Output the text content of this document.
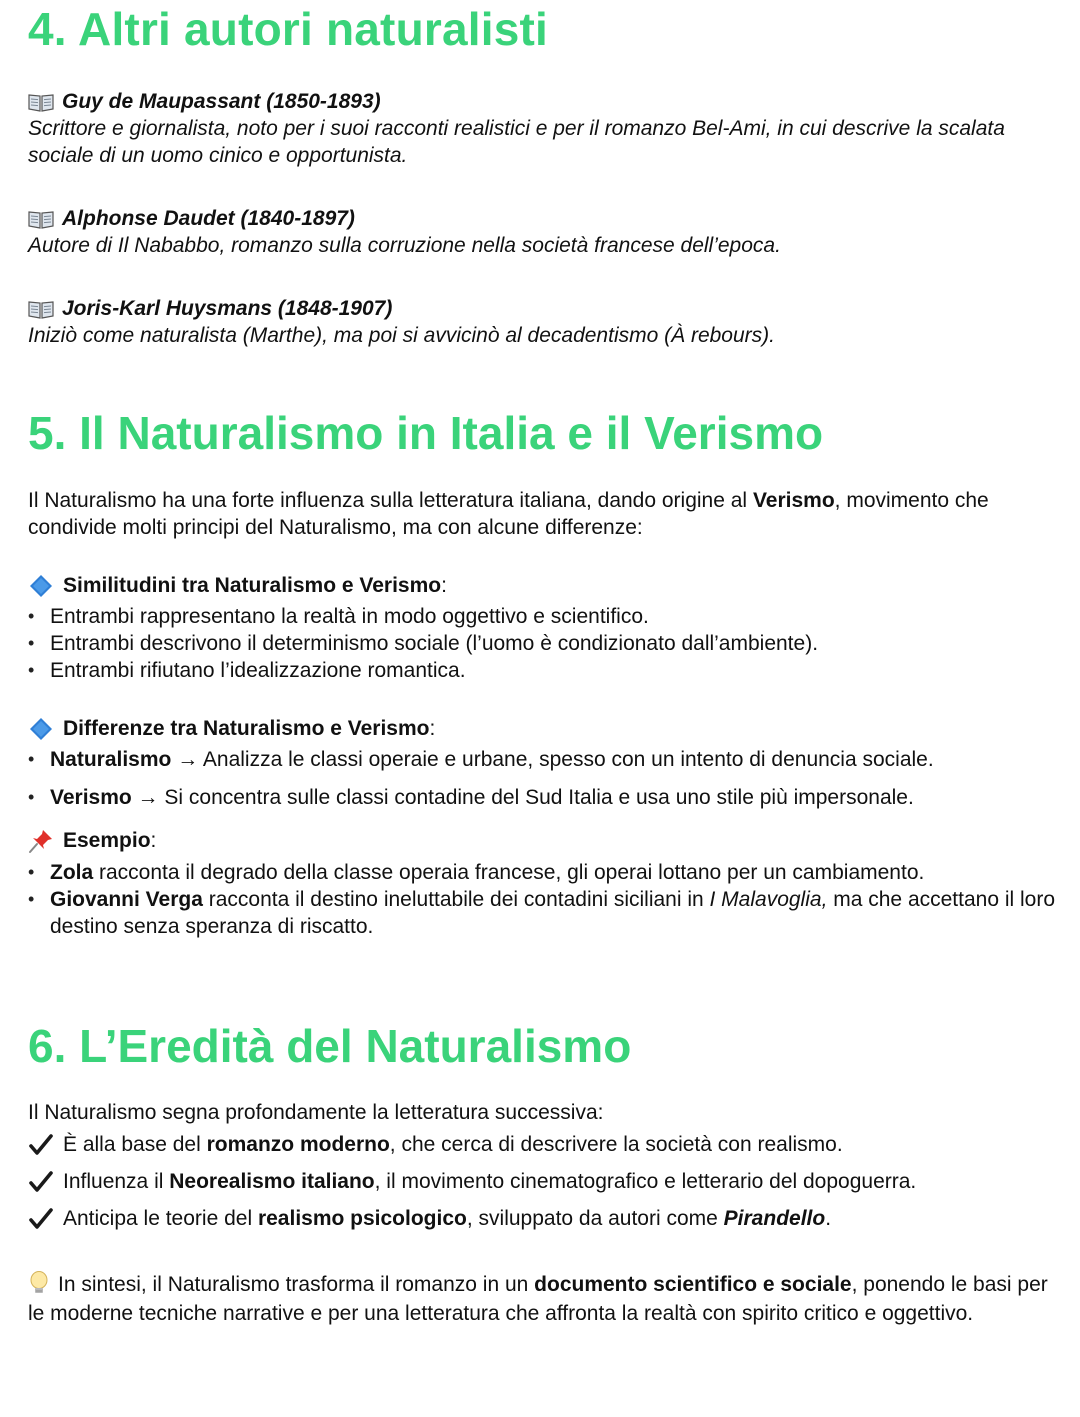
4. Altri autori naturalisti
Guy de Maupassant (1850-1893)
Scrittore e giornalista, noto per i suoi racconti realistici e per il romanzo Bel-Ami, in cui descrive la scalata sociale di un uomo cinico e opportunista.
Alphonse Daudet (1840-1897)
Autore di Il Nababbo, romanzo sulla corruzione nella società francese dell’epoca.
Joris-Karl Huysmans (1848-1907)
Iniziò come naturalista (Marthe), ma poi si avvicinò al decadentismo (À rebours).
5. Il Naturalismo in Italia e il Verismo
Il Naturalismo ha una forte influenza sulla letteratura italiana, dando origine al Verismo, movimento che condivide molti principi del Naturalismo, ma con alcune differenze:
Similitudini tra Naturalismo e Verismo :
• Entrambi rappresentano la realtà in modo oggettivo e scientifico.
• Entrambi descrivono il determinismo sociale (l’uomo è condizionato dall’ambiente).
• Entrambi rifiutano l’idealizzazione romantica.
Differenze tra Naturalismo e Verismo :
• Naturalismo → Analizza le classi operaie e urbane, spesso con un intento di denuncia sociale.
• Verismo → Si concentra sulle classi contadine del Sud Italia e usa uno stile più impersonale.
Esempio :
• Zola racconta il degrado della classe operaia francese, gli operai lottano per un cambiamento.
• Giovanni Verga racconta il destino ineluttabile dei contadini siciliani in I Malavoglia, ma che accettano il loro destino senza speranza di riscatto.
6. L’Eredità del Naturalismo
Il Naturalismo segna profondamente la letteratura successiva:
È alla base del romanzo moderno, che cerca di descrivere la società con realismo.
Influenza il Neorealismo italiano, il movimento cinematografico e letterario del dopoguerra.
Anticipa le teorie del realismo psicologico, sviluppato da autori come Pirandello.
In sintesi, il Naturalismo trasforma il romanzo in un documento scientifico e sociale, ponendo le basi per le moderne tecniche narrative e per una letteratura che affronta la realtà con spirito critico e oggettivo.
